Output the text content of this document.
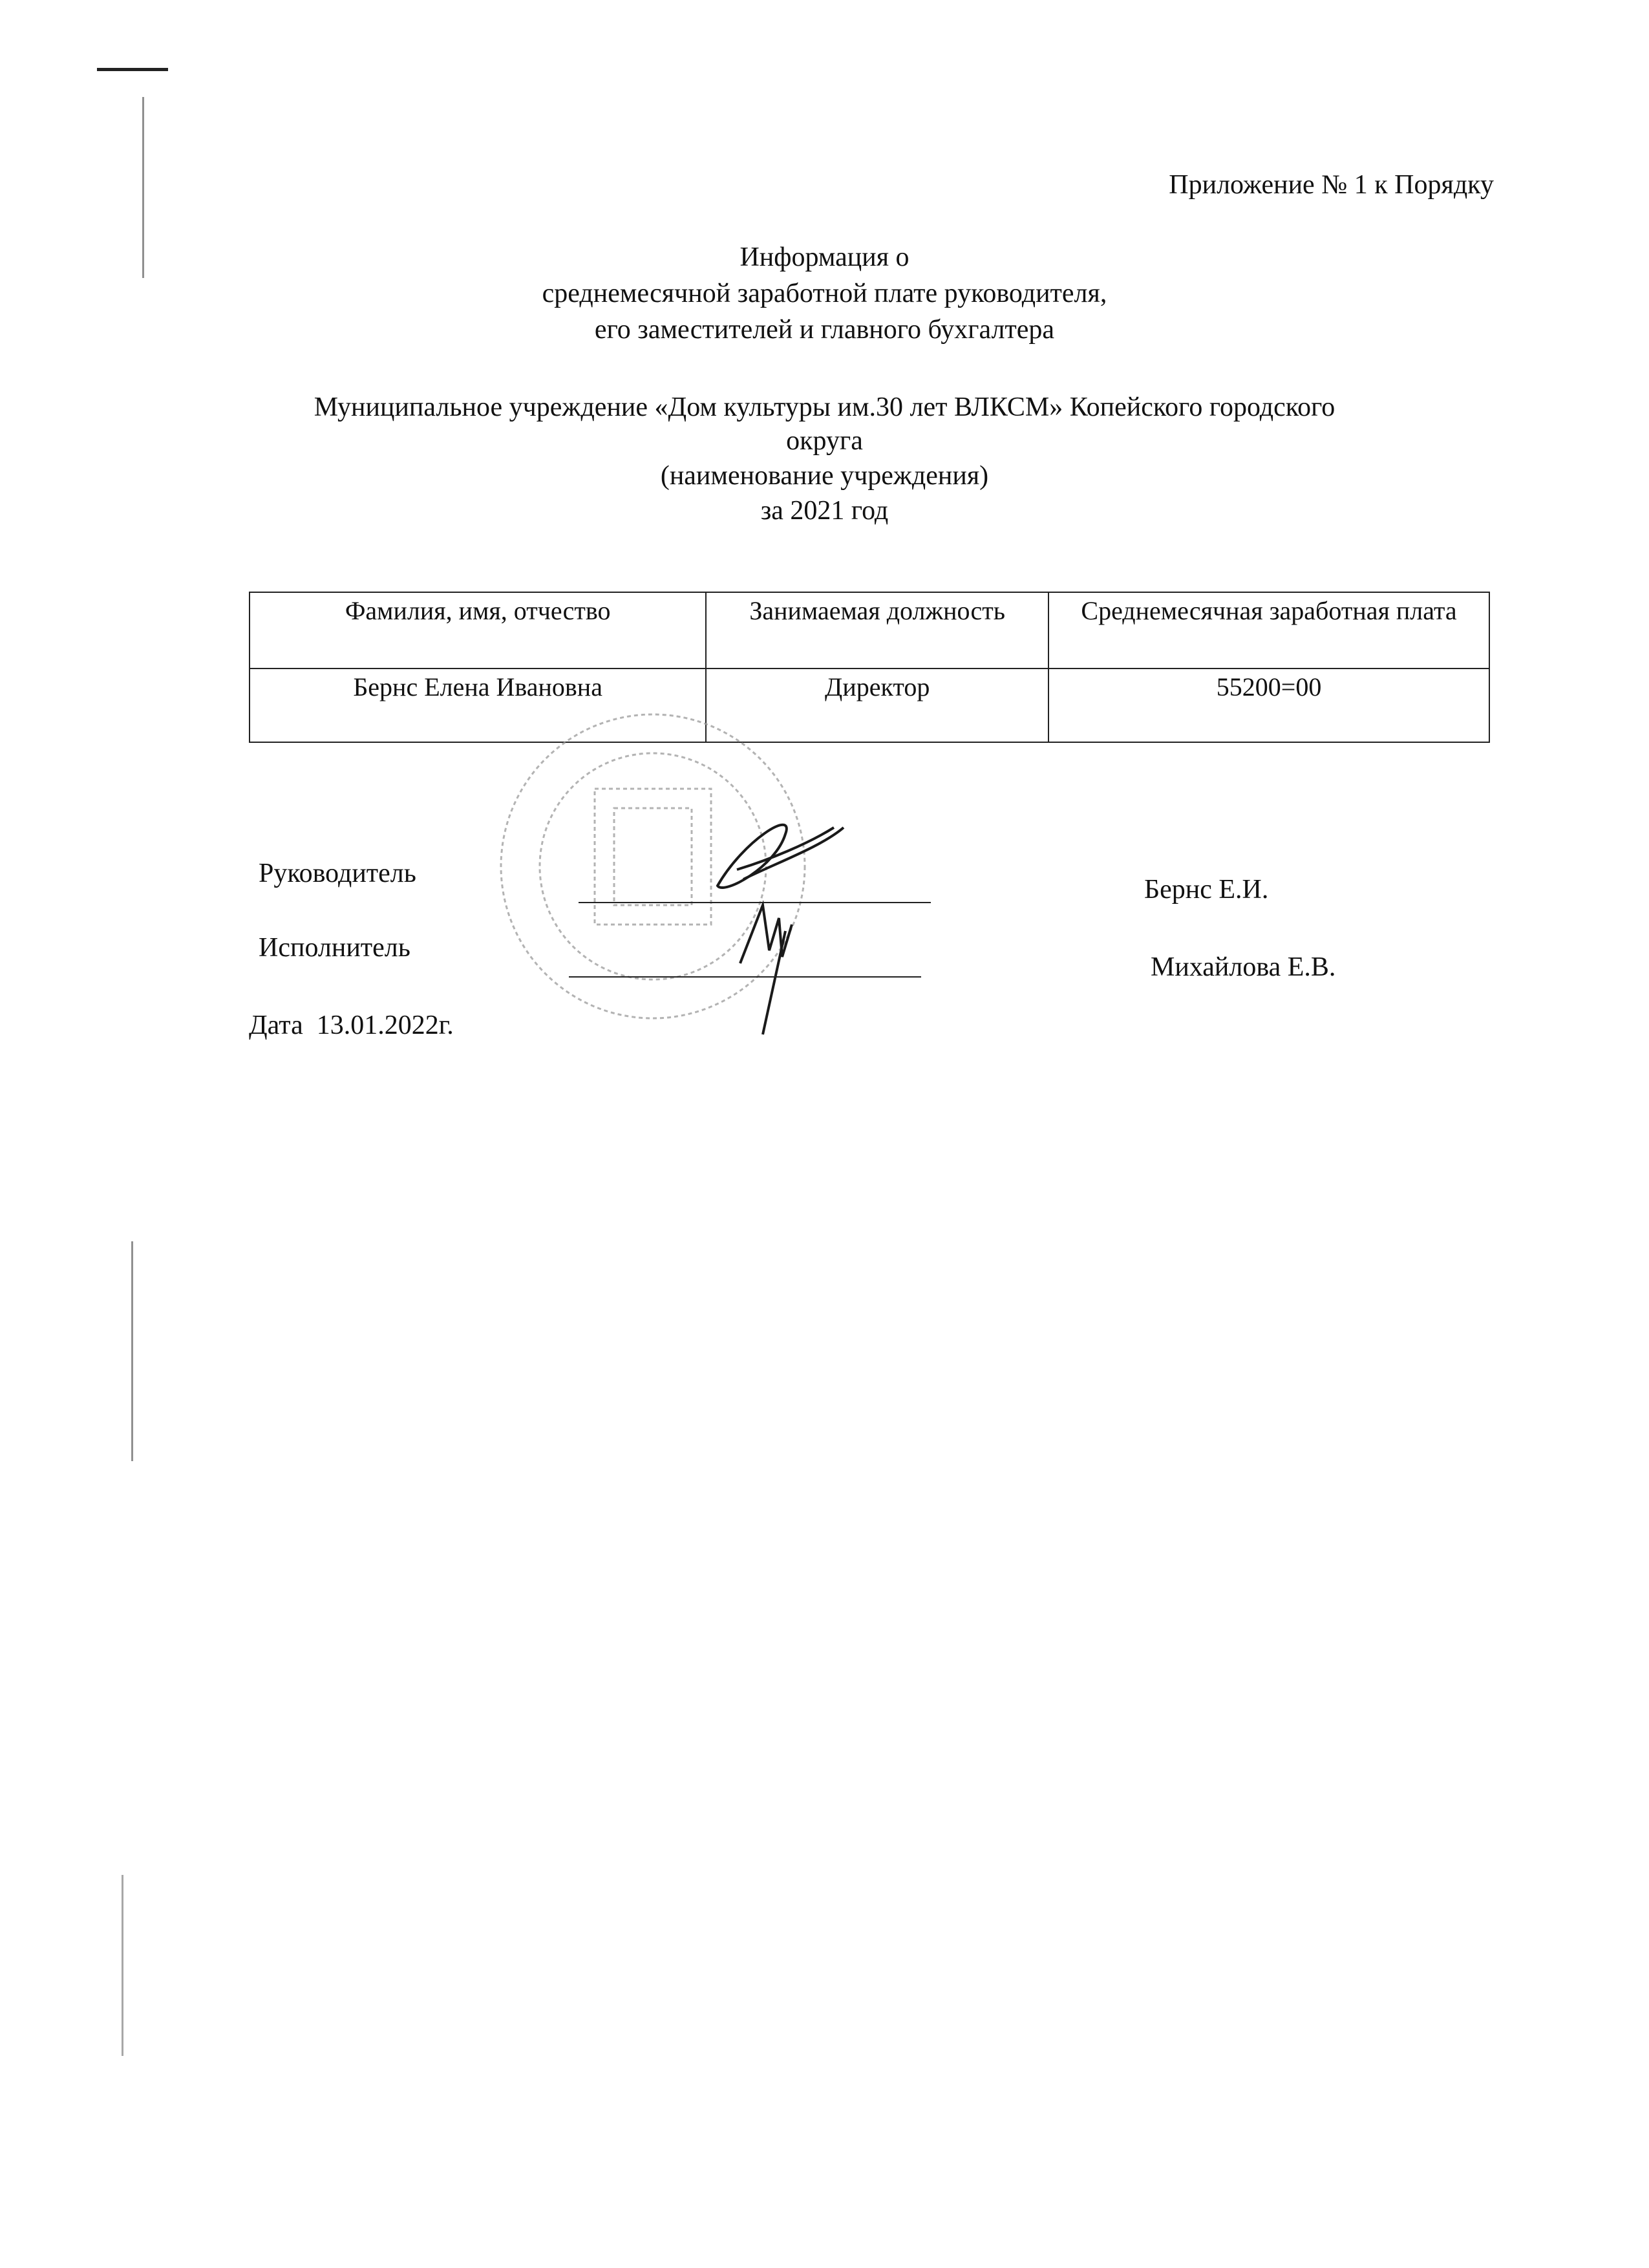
Приложение № 1 к Порядку
Информация о
среднемесячной заработной плате руководителя,
его заместителей и главного бухгалтера
Муниципальное учреждение «Дом культуры им.30 лет ВЛКСМ» Копейского городского
округа
(наименование учреждения)
за 2021 год
Фамилия, имя, отчество	Занимаемая должность	Среднемесячная заработная плата
Бернс Елена Ивановна	Директор	55200=00
Руководитель
Бернс Е.И.
Исполнитель
Михайлова Е.В.
Дата 13.01.2022г.
